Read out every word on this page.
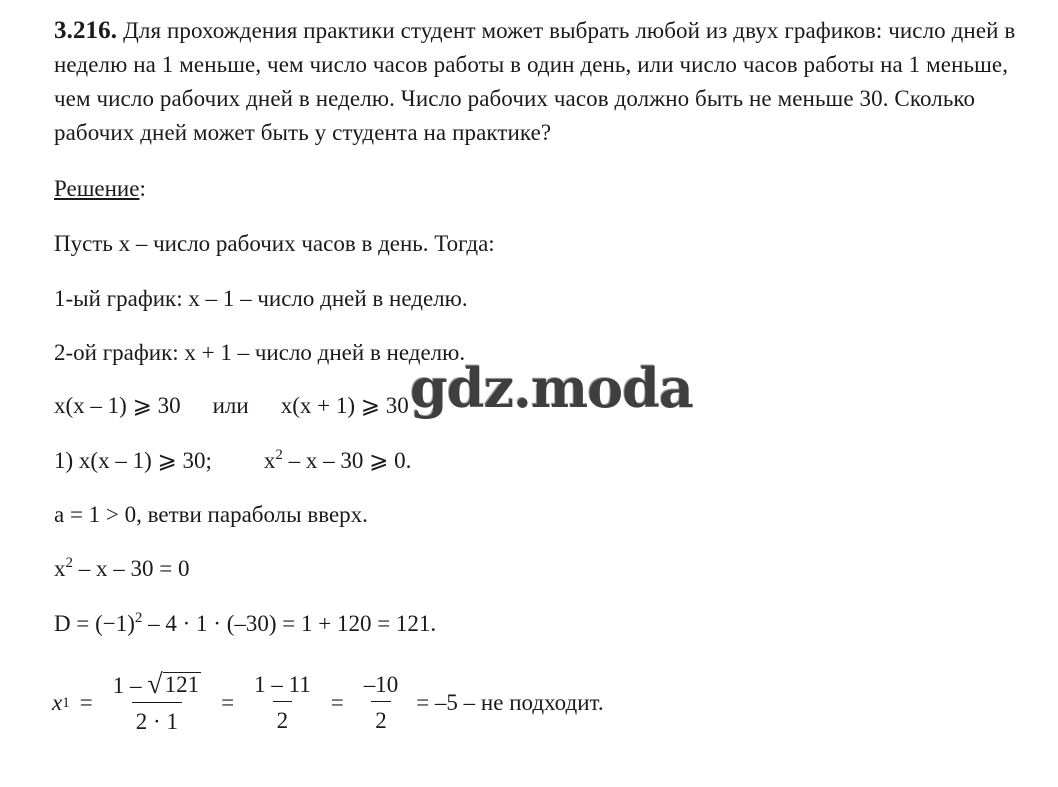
3.216. Для прохождения практики студент может выбрать любой из двух графиков: число дней в неделю на 1 меньше, чем число часов работы в один день, или число часов работы на 1 меньше, чем число рабочих дней в неделю. Число рабочих часов должно быть не меньше 30. Сколько рабочих дней может быть у студента на практике?
Решение:
Пусть x – число рабочих часов в день. Тогда:
1-ый график: x – 1 – число дней в неделю.
2-ой график: x + 1 – число дней в неделю.
x(x – 1) ⩾ 30 или x(x + 1) ⩾ 30
1) x(x – 1) ⩾ 30; $x^2$ – x – 30 ⩾ 0.
a = 1 > 0, ветви параболы вверх.
$x^2 - x - 30 = 0$
$D = (-1)^2 - 4 \cdot 1 \cdot (-30) = 1 + 120 = 121$.
x $1 = \frac{1 - √ 121}{2 \cdot 1} = \frac{1 - 11}{2} = \frac{-10}{2} = -5$ – не подходит.
gdz.moda
